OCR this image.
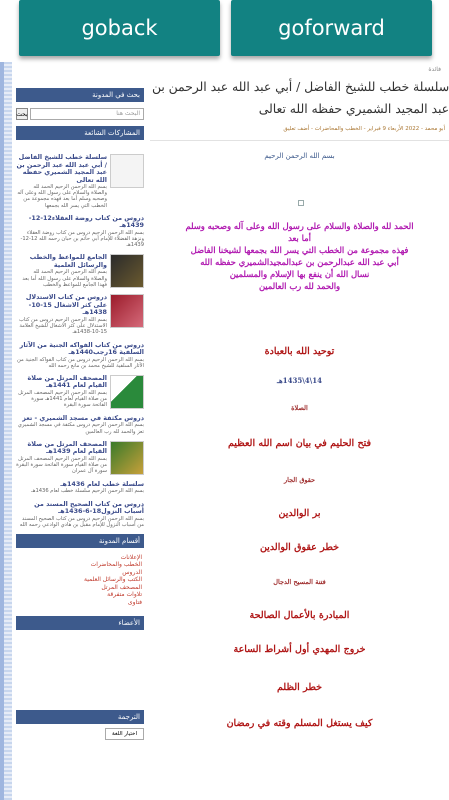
goback	goforward
بحث في المدونة
بحث	البحث هنا
المشاركات الشائعة
سلسلة خطب للشيخ الفاضل / أبي عبد الله عبد الرحمن بن عبد المجيد الشميري حفظه الله تعالى
بسم الله الرحمن الرحيم الحمد لله والصلاة والسلام على رسول الله وعلى آله وصحبه وسلم أما بعد فهذه مجموعة من الخطب التي يسر الله بجمعها
دروس من كتاب روضة العقلاء12-12-1439هـ
بسم الله الرحمن الرحيم دروس من كتاب روضة العقلاء ونزهة الفضلاء للإمام أبي حاتم بن حبان رحمه الله 12-12-1439هـ
الجامع للمواعظ والخطب والرسائل العلمية
بسم الله الرحمن الرحيم الحمد لله والصلاة والسلام على رسول الله أما بعد فهذا الجامع للمواعظ والخطب
دروس من كتاب الاستدلال على كثر الاشغال 15-10-1438هـ
بسم الله الرحمن الرحيم دروس من كتاب الاستدلال على كثر الاشغال للشيخ العلامة 15-10-1438هـ
دروس من كتاب الفواكه الجنية من الآثار السلفية 16رجب1440هـ
بسم الله الرحمن الرحيم دروس من كتاب الفواكه الجنية من الآثار السلفية للشيخ محمد بن مانع رحمه الله
المصحف المرتل من صلاة القيام لعام 1441هـ
بسم الله الرحمن الرحيم المصحف المرتل من صلاة القيام لعام 1441هـ سورة الفاتحة سورة البقرة
دروس مكثفة في مسجد الشميري - تعز
بسم الله الرحمن الرحيم دروس مكثفة في مسجد الشميري تعز والحمد لله رب العالمين
المصحف المرتل من صلاة القيام لعام 1439هـ
بسم الله الرحمن الرحيم المصحف المرتل من صلاة القيام سورة الفاتحة سورة البقرة سورة آل عمران
سلسلة خطب لعام 1436هـ
بسم الله الرحمن الرحيم سلسلة خطب لعام 1436هـ
دروس من كتاب الصحيح المسند من أسباب النزول18-6-1436هـ
بسم الله الرحمن الرحيم دروس من كتاب الصحيح المسند من أسباب النزول للإمام مقبل بن هادي الوادعي رحمه الله
أقسام المدونة
الإعلانات
الخطب والمحاضرات
الدروس
الكتب والرسائل العلمية
المصحف المرتل
تلاوات متفرقة
فتاوى
الأعضاء
الترجمة
اختيار اللغة
فائدة
سلسلة خطب للشيخ الفاضل / أبي عبد الله عبد الرحمن بن عبد المجيد الشميري حفظه الله تعالى
أبو محمد - 2022 الأربعاء 9 فبراير - الخطب والمحاضرات - أضف تعليق
بسم الله الرحمن الرحيم
الحمد لله والصلاة والسلام على رسول الله وعلى آله وصحبه وسلم
أما بعد
فهذه مجموعة من الخطب التي يسر الله بجمعها لشيخنا الفاضل
أبي عبد الله عبدالرحمن بن عبدالمجيدالشميري حفظه الله
نسال الله أن ينفع بها الإسلام والمسلمين
والحمد لله رب العالمين
توحيد الله بالعبادة
14\4\1435هـ
الصلاة
فتح الحليم في بيان اسم الله العظيم
حقوق الجار
بر الوالدين
خطر عقوق الوالدين
فتنة المسيح الدجال
المبادرة بالأعمال الصالحة
خروج المهدي أول أشراط الساعة
خطر الظلم
كيف يستغل المسلم وقته في رمضان
